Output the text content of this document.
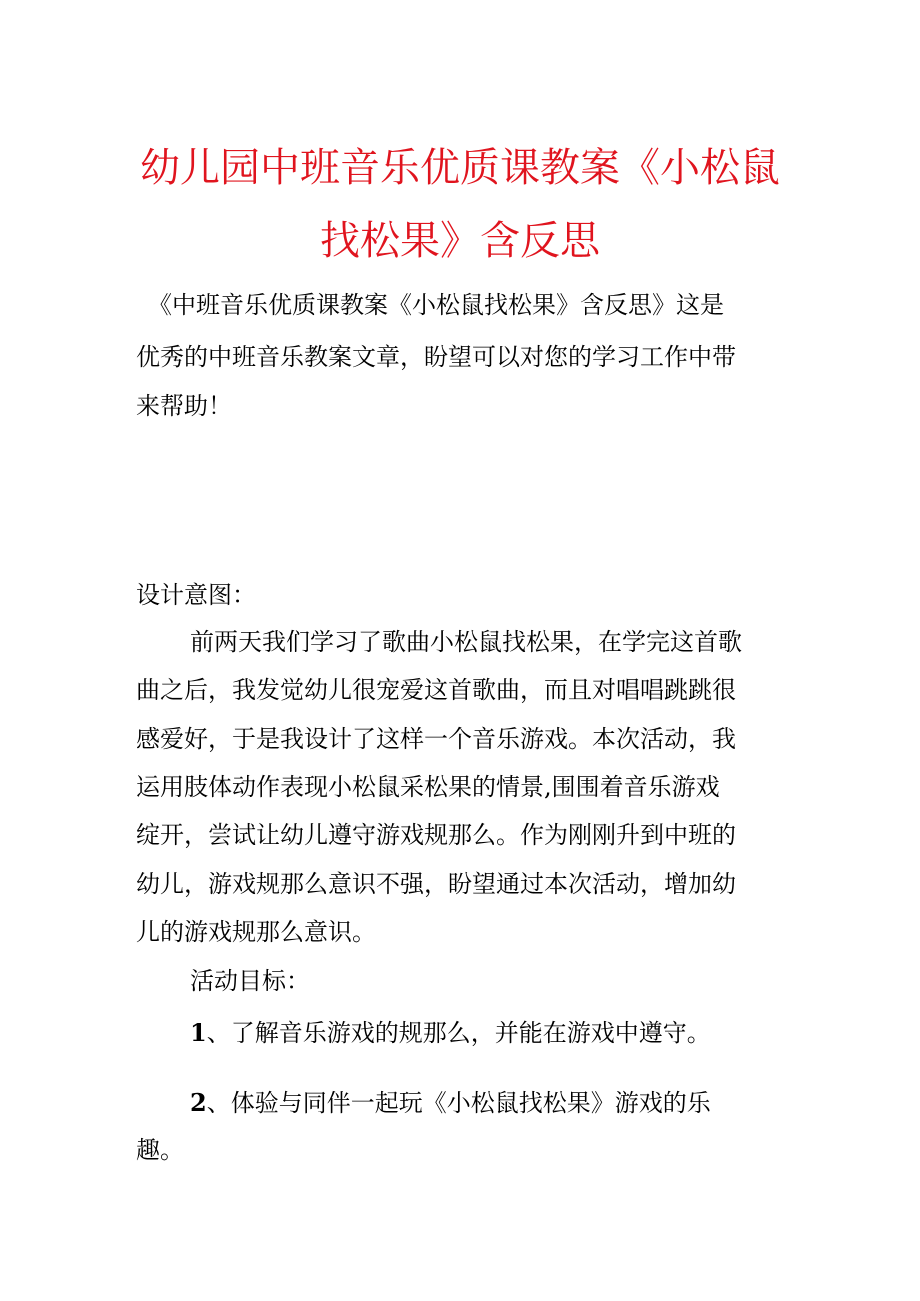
幼儿园中班音乐优质课教案《小松鼠
找松果》含反思
《中班音乐优质课教案《小松鼠找松果》含反思》这是
优秀的中班音乐教案文章，盼望可以对您的学习工作中带
来帮助！
设计意图：
前两天我们学习了歌曲小松鼠找松果，在学完这首歌
曲之后，我发觉幼儿很宠爱这首歌曲，而且对唱唱跳跳很
感爱好，于是我设计了这样一个音乐游戏。本次活动，我
运用肢体动作表现小松鼠采松果的情景,围围着音乐游戏
绽开，尝试让幼儿遵守游戏规那么。作为刚刚升到中班的
幼儿，游戏规那么意识不强，盼望通过本次活动，增加幼
儿的游戏规那么意识。
活动目标：
1、了解音乐游戏的规那么，并能在游戏中遵守。
2、体验与同伴一起玩《小松鼠找松果》游戏的乐
趣。
